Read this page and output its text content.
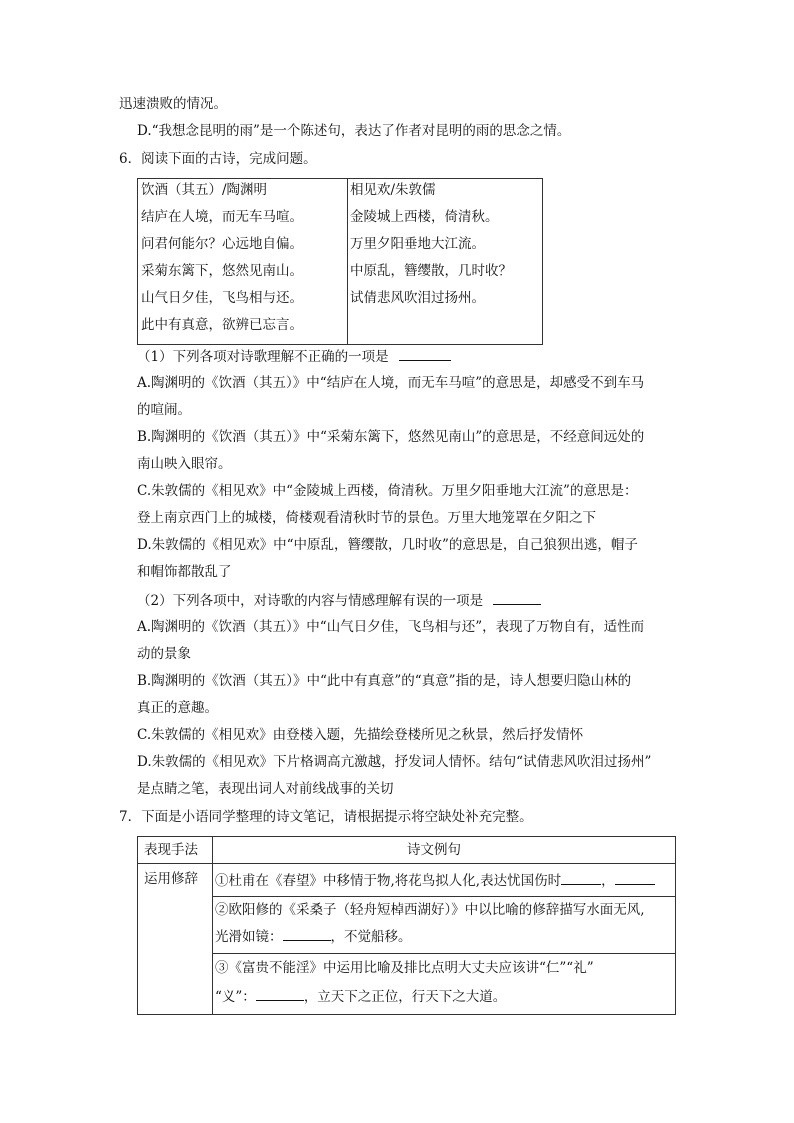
迅速溃败的情况。
D.“我想念昆明的雨”是一个陈述句，表达了作者对昆明的雨的思念之情。
6．阅读下面的古诗，完成问题。
饮酒（其五）/陶渊明
结庐在人境，而无车马喧。
问君何能尔？心远地自偏。
采菊东篱下，悠然见南山。
山气日夕佳，飞鸟相与还。
此中有真意，欲辨已忘言。
相见欢/朱敦儒
金陵城上西楼，倚清秋。
万里夕阳垂地大江流。
中原乱，簪缨散，几时收？
试倩悲风吹泪过扬州。
（1）下列各项对诗歌理解不正确的一项是
A.陶渊明的《饮酒（其五）》中“结庐在人境，而无车马喧”的意思是，却感受不到车马
的喧闹。
B.陶渊明的《饮酒（其五）》中“采菊东篱下，悠然见南山”的意思是，不经意间远处的
南山映入眼帘。
C.朱敦儒的《相见欢》中“金陵城上西楼，倚清秋。万里夕阳垂地大江流”的意思是：
登上南京西门上的城楼，倚楼观看清秋时节的景色。万里大地笼罩在夕阳之下
D.朱敦儒的《相见欢》中“中原乱，簪缨散，几时收”的意思是，自己狼狈出逃，帽子
和帽饰都散乱了
（2）下列各项中，对诗歌的内容与情感理解有误的一项是
A.陶渊明的《饮酒（其五）》中“山气日夕佳，飞鸟相与还”，表现了万物自有，适性而
动的景象
B.陶渊明的《饮酒（其五）》中“此中有真意”的“真意”指的是，诗人想要归隐山林的
真正的意趣。
C.朱敦儒的《相见欢》由登楼入题，先描绘登楼所见之秋景，然后抒发情怀
D.朱敦儒的《相见欢》下片格调高亢激越，抒发词人情怀。结句“试倩悲风吹泪过扬州”
是点睛之笔，表现出词人对前线战事的关切
7．下面是小语同学整理的诗文笔记，请根据提示将空缺处补充完整。
表现手法	诗文例句
运用修辞 ①杜甫在《春望》中移情于物,将花鸟拟人化,表达忧国伤时	，
②欧阳修的《采桑子（轻舟短棹西湖好）》中以比喻的修辞描写水面无风,
光滑如镜：	，不觉船移。
③《富贵不能淫》中运用比喻及排比点明大丈夫应该讲“仁”“礼”
“义”：	，立天下之正位，行天下之大道。
